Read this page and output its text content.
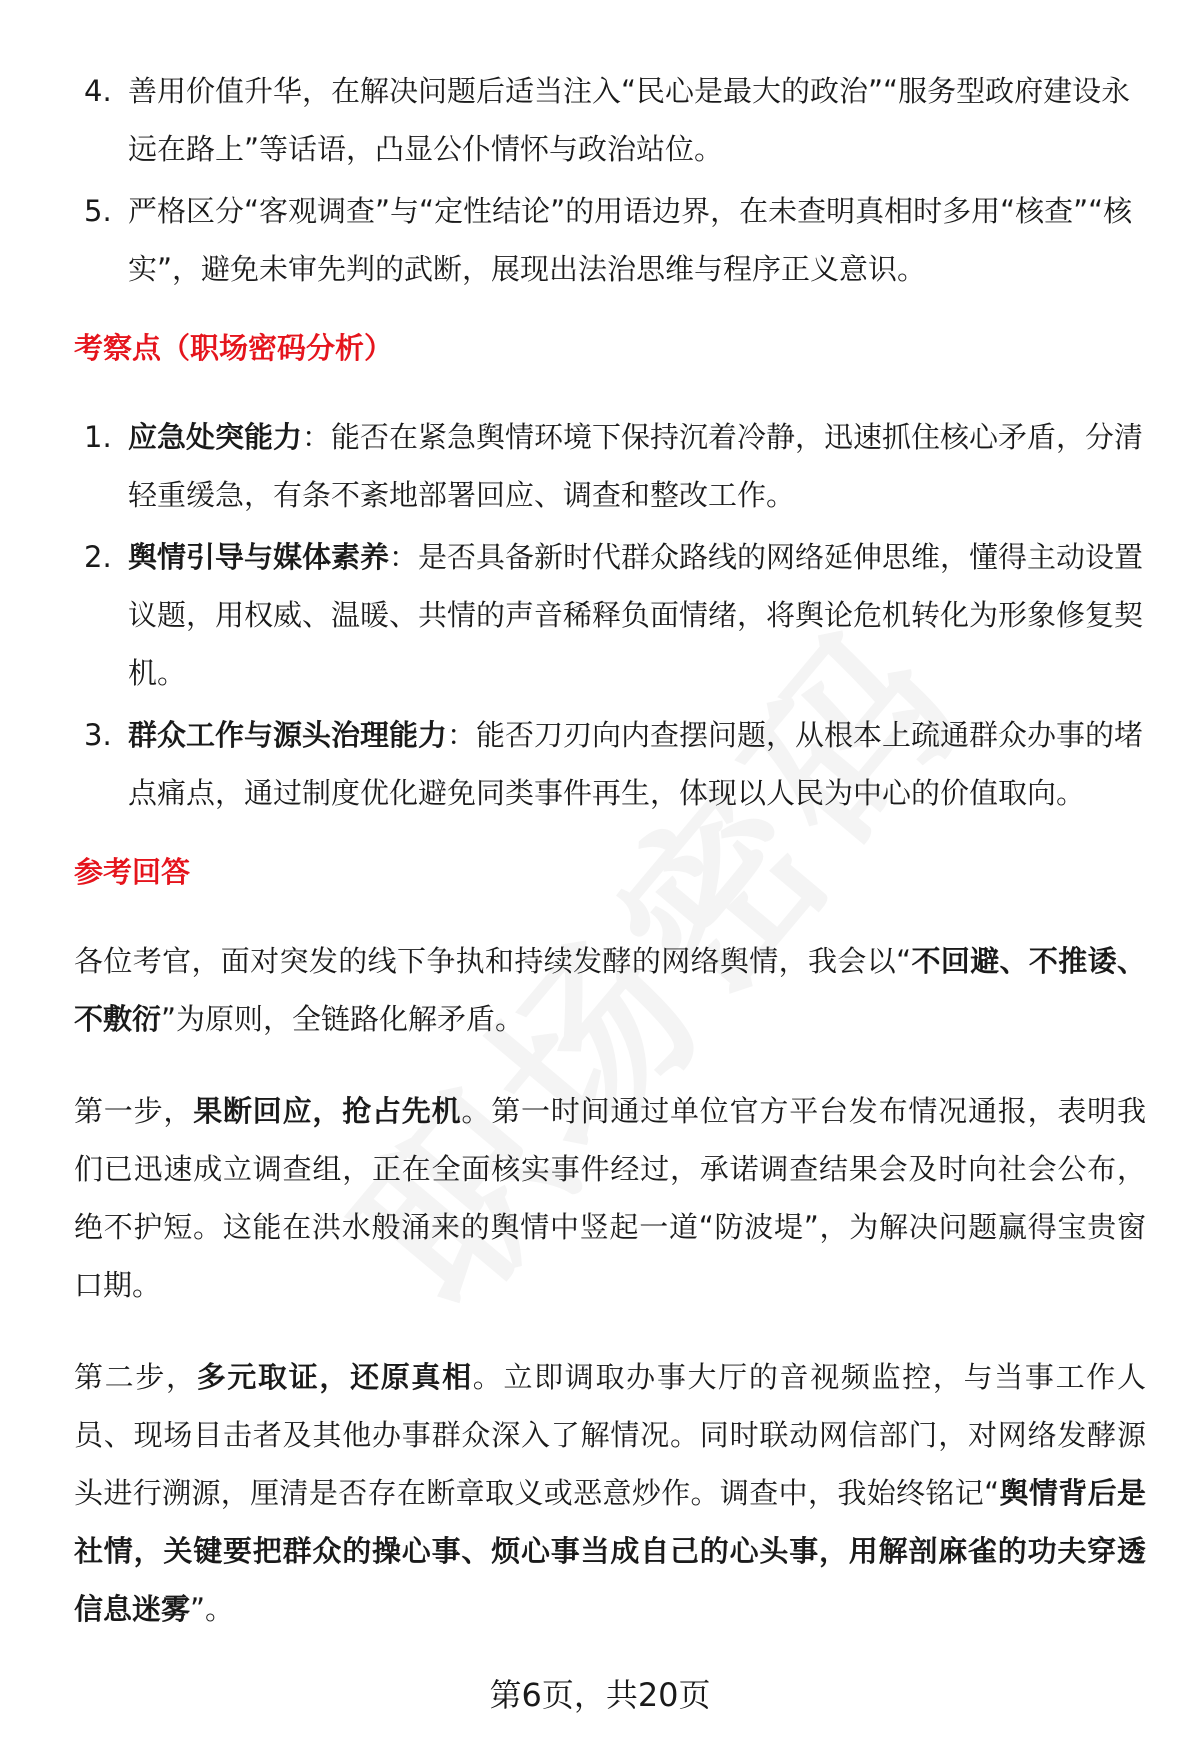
4. 善用价值升华，在解决问题后适当注入“民心是最大的政治”“服务型政府建设永远在路上”等话语，凸显公仆情怀与政治站位。
5. 严格区分“客观调查”与“定性结论”的用语边界，在未查明真相时多用“核查”“核实”，避免未审先判的武断，展现出法治思维与程序正义意识。
考察点（职场密码分析）
1. 应急处突能力：能否在紧急舆情环境下保持沉着冷静，迅速抓住核心矛盾，分清轻重缓急，有条不紊地部署回应、调查和整改工作。
2. 舆情引导与媒体素养：是否具备新时代群众路线的网络延伸思维，懂得主动设置议题，用权威、温暖、共情的声音稀释负面情绪，将舆论危机转化为形象修复契机。
3. 群众工作与源头治理能力：能否刀刃向内查摆问题，从根本上疏通群众办事的堵点痛点，通过制度优化避免同类事件再生，体现以人民为中心的价值取向。
参考回答

各位考官，面对突发的线下争执和持续发酵的网络舆情，我会以“不回避、不推诿、不敷衍”为原则，全链路化解矛盾。

第一步，果断回应，抢占先机。第一时间通过单位官方平台发布情况通报，表明我们已迅速成立调查组，正在全面核实事件经过，承诺调查结果会及时向社会公布，绝不护短。这能在洪水般涌来的舆情中竖起一道“防波堤”，为解决问题赢得宝贵窗口期。

第二步，多元取证，还原真相。立即调取办事大厅的音视频监控，与当事工作人员、现场目击者及其他办事群众深入了解情况。同时联动网信部门，对网络发酵源头进行溯源，厘清是否存在断章取义或恶意炒作。调查中，我始终铭记“舆情背后是社情，关键要把群众的操心事、烦心事当成自己的心头事，用解剖麻雀的功夫穿透信息迷雾”。

第6页，共20页
